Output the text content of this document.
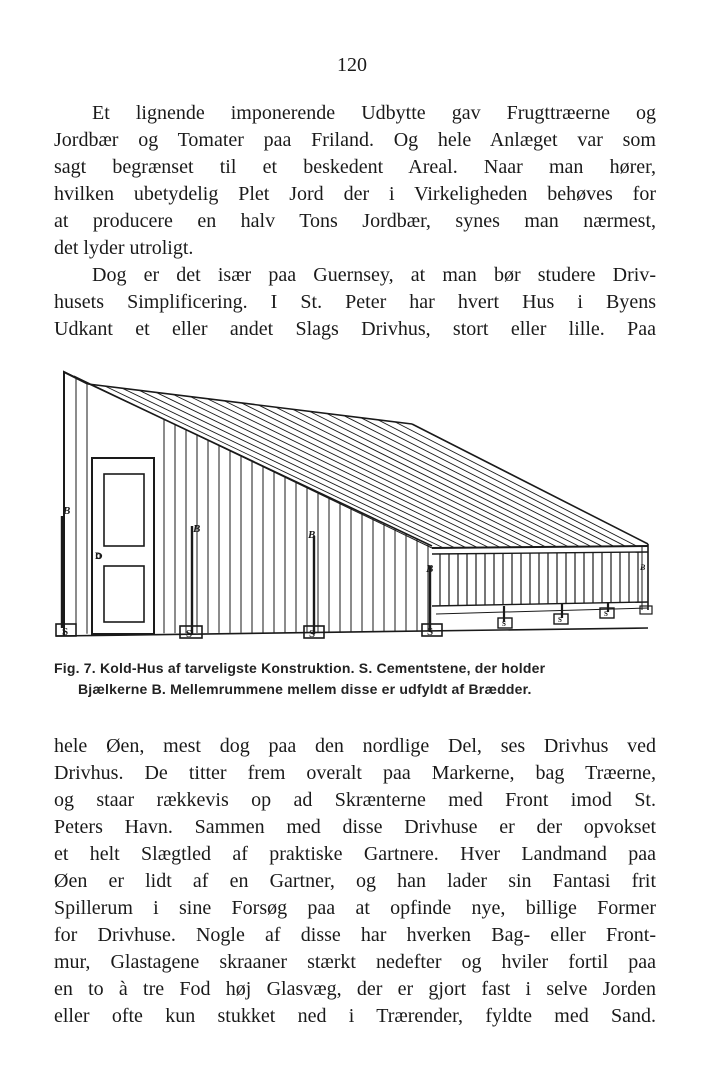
120
Et lignende imponerende Udbytte gav Frugttræerne og
Jordbær og Tomater paa Friland. Og hele Anlæget var som
sagt begrænset til et beskedent Areal. Naar man hører,
hvilken ubetydelig Plet Jord der i Virkeligheden behøves for
at producere en halv Tons Jordbær, synes man nærmest,
det lyder utroligt.
Dog er det især paa Guernsey, at man bør studere Driv-
husets Simplificering. I St. Peter har hvert Hus i Byens
Udkant et eller andet Slags Drivhus, stort eller lille. Paa
S	S	S	S
S	S
S
B
B	B
B	B
D
Fig. 7. Kold-Hus af tarveligste Konstruktion. S. Cementstene, der holder
Bjælkerne B. Mellemrummene mellem disse er udfyldt af Brædder.
hele Øen, mest dog paa den nordlige Del, ses Drivhus ved
Drivhus. De titter frem overalt paa Markerne, bag Træerne,
og staar rækkevis op ad Skrænterne med Front imod St.
Peters Havn. Sammen med disse Drivhuse er der opvokset
et helt Slægtled af praktiske Gartnere. Hver Landmand paa
Øen er lidt af en Gartner, og han lader sin Fantasi frit
Spillerum i sine Forsøg paa at opfinde nye, billige Former
for Drivhuse. Nogle af disse har hverken Bag- eller Front-
mur, Glastagene skraaner stærkt nedefter og hviler fortil paa
en to à tre Fod høj Glasvæg, der er gjort fast i selve Jorden
eller ofte kun stukket ned i Trærender, fyldte med Sand.
